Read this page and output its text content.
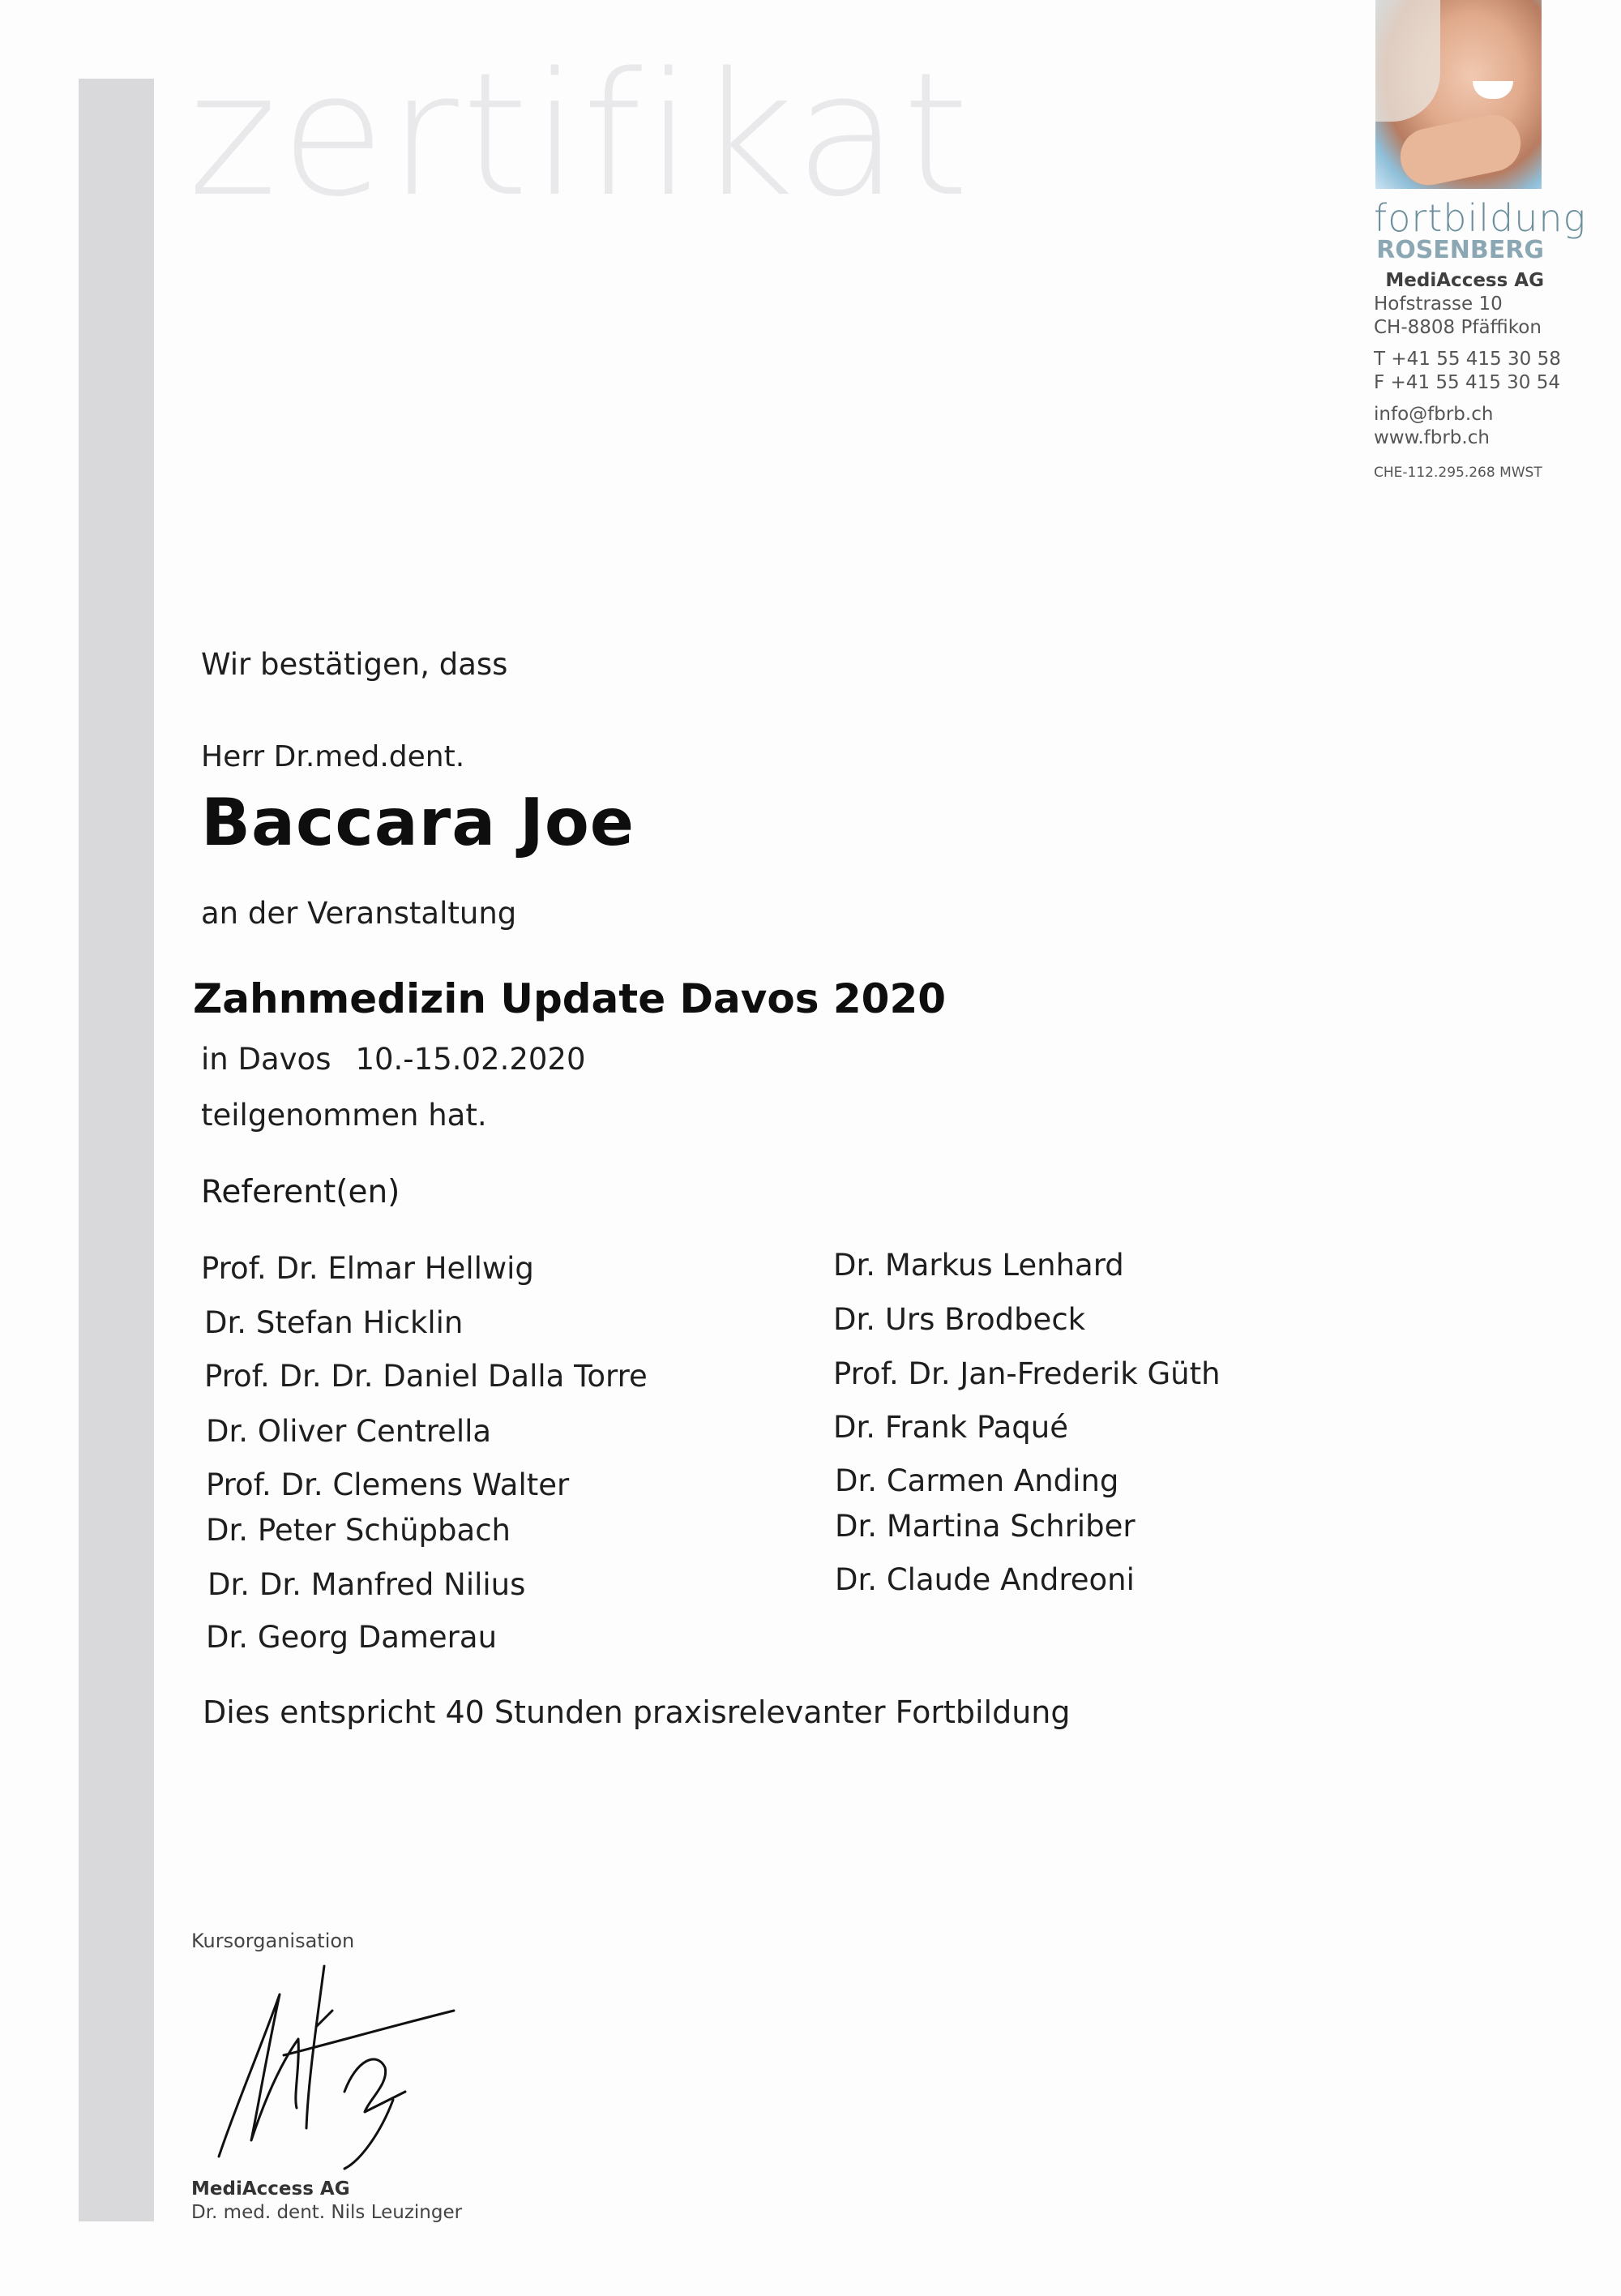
zertifikat	fortbildung
ROSENBERG
MediAccess AG
Hofstrasse 10
CH-8808 Pfäffikon
T +41 55 415 30 58
F +41 55 415 30 54
info@fbrb.ch
www.fbrb.ch
CHE-112.295.268 MWST
Wir bestätigen, dass
Herr Dr.med.dent.
Baccara Joe
an der Veranstaltung
Zahnmedizin Update Davos 2020
in Davos 10.-15.02.2020
teilgenommen hat.
Referent(en)
Prof. Dr. Elmar Hellwig
Dr. Stefan Hicklin
Prof. Dr. Dr. Daniel Dalla Torre
Dr. Oliver Centrella
Prof. Dr. Clemens Walter
Dr. Peter Schüpbach
Dr. Dr. Manfred Nilius
Dr. Georg Damerau
Dr. Markus Lenhard
Dr. Urs Brodbeck
Prof. Dr. Jan-Frederik Güth
Dr. Frank Paqué
Dr. Carmen Anding
Dr. Martina Schriber
Dr. Claude Andreoni
Dies entspricht 40 Stunden praxisrelevanter Fortbildung
Kursorganisation
MediAccess AG
Dr. med. dent. Nils Leuzinger
